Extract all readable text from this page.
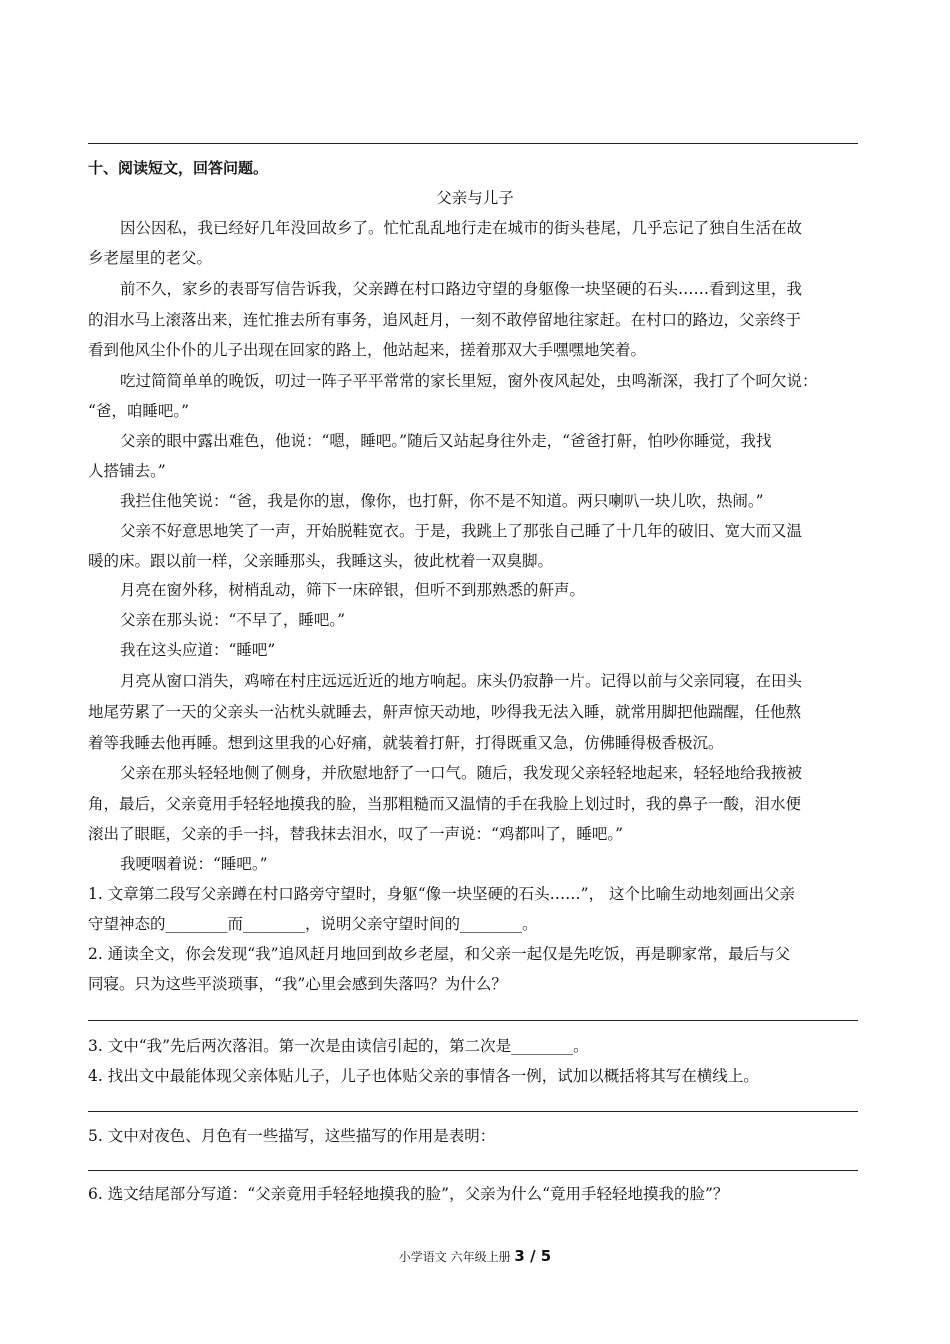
十、阅读短文，回答问题。
父亲与儿子
因公因私，我已经好几年没回故乡了。忙忙乱乱地行走在城市的街头巷尾，几乎忘记了独自生活在故
乡老屋里的老父。
前不久，家乡的表哥写信告诉我，父亲蹲在村口路边守望的身躯像一块坚硬的石头……看到这里，我
的泪水马上滚落出来，连忙推去所有事务，追风赶月，一刻不敢停留地往家赶。在村口的路边，父亲终于
看到他风尘仆仆的儿子出现在回家的路上，他站起来，搓着那双大手嘿嘿地笑着。
吃过简简单单的晚饭，叨过一阵子平平常常的家长里短，窗外夜风起处，虫鸣渐深，我打了个呵欠说：
“爸，咱睡吧。”
父亲的眼中露出难色，他说：“嗯，睡吧。”随后又站起身往外走，“爸爸打鼾，怕吵你睡觉，我找
人搭铺去。”
我拦住他笑说：“爸，我是你的崽，像你，也打鼾，你不是不知道。两只喇叭一块儿吹，热闹。”
父亲不好意思地笑了一声，开始脱鞋宽衣。于是，我跳上了那张自己睡了十几年的破旧、宽大而又温
暖的床。跟以前一样，父亲睡那头，我睡这头，彼此枕着一双臭脚。
月亮在窗外移，树梢乱动，筛下一床碎银，但听不到那熟悉的鼾声。
父亲在那头说：“不早了，睡吧。”
我在这头应道：“睡吧”
月亮从窗口消失，鸡啼在村庄远远近近的地方响起。床头仍寂静一片。记得以前与父亲同寝，在田头
地尾劳累了一天的父亲头一沾枕头就睡去，鼾声惊天动地，吵得我无法入睡，就常用脚把他踹醒，任他熬
着等我睡去他再睡。想到这里我的心好痛，就装着打鼾，打得既重又急，仿佛睡得极香极沉。
父亲在那头轻轻地侧了侧身，并欣慰地舒了一口气。随后，我发现父亲轻轻地起来，轻轻地给我掖被
角，最后，父亲竟用手轻轻地摸我的脸，当那粗糙而又温情的手在我脸上划过时，我的鼻子一酸，泪水便
滚出了眼眶，父亲的手一抖，替我抹去泪水，叹了一声说：“鸡都叫了，睡吧。”
我哽咽着说：“睡吧。”
1. 文章第二段写父亲蹲在村口路旁守望时，身躯“像一块坚硬的石头……”， 这个比喻生动地刻画出父亲
守望神态的________而________，说明父亲守望时间的________。
2. 通读全文，你会发现“我”追风赶月地回到故乡老屋，和父亲一起仅是先吃饭，再是聊家常，最后与父
同寝。只为这些平淡琐事，“我”心里会感到失落吗？为什么？
3. 文中“我”先后两次落泪。第一次是由读信引起的，第二次是________。
4. 找出文中最能体现父亲体贴儿子，儿子也体贴父亲的事情各一例，试加以概括将其写在横线上。
5. 文中对夜色、月色有一些描写，这些描写的作用是表明：
6. 选文结尾部分写道：“父亲竟用手轻轻地摸我的脸”，父亲为什么“竟用手轻轻地摸我的脸”？
小学语文 六年级上册 3 / 5
